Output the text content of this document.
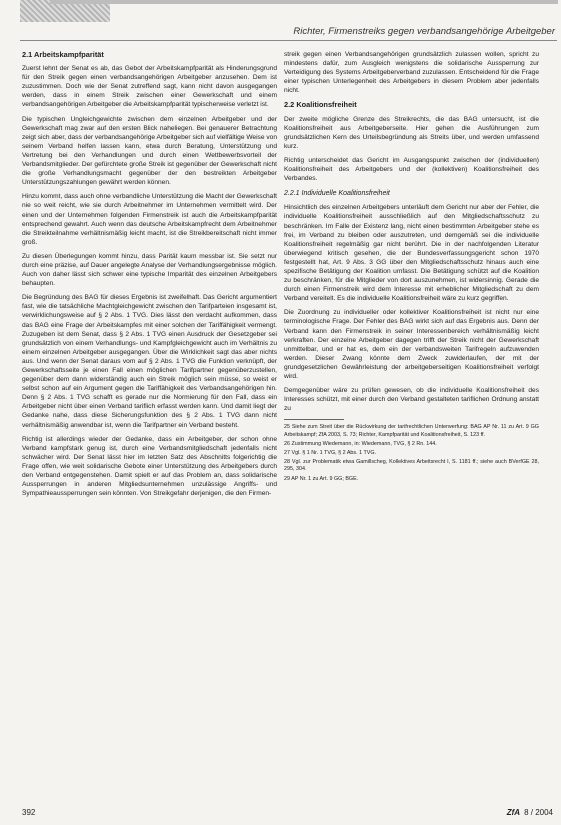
Richter, Firmenstreiks gegen verbandsangehörige Arbeitgeber
2.1 Arbeitskampfparität

Zuerst lehnt der Senat es ab, das Gebot der Arbeitskampfparität als Hinderungsgrund für den Streik gegen einen verbandsangehörigen Arbeitgeber anzusehen. Dem ist zuzustimmen. Doch wie der Senat zutreffend sagt, kann nicht davon ausgegangen werden, dass in einem Streik zwischen einer Gewerkschaft und einem verbandsangehörigen Arbeitgeber die Arbeitskampfparität typischerweise verletzt ist.

Die typischen Ungleichgewichte zwischen dem einzelnen Arbeitgeber und der Gewerkschaft mag zwar auf den ersten Blick naheliegen. Bei genauerer Betrachtung zeigt sich aber, dass der verbandsangehörige Arbeitgeber sich auf vielfältige Weise von seinem Verband helfen lassen kann, etwa durch Beratung, Unterstützung und Vertretung bei den Verhandlungen und durch einen Wettbewerbsvorteil der Verbandsmitglieder. Der gefürchtete große Streik ist gegenüber der Gewerkschaft nicht die große Verhandlungsmacht gegenüber der den bestreikten Arbeitgeber Unterstützungszahlungen gewährt werden können.

Hinzu kommt, dass auch ohne verbandliche Unterstützung die Macht der Gewerkschaft nie so weit reicht, wie sie durch Arbeitnehmer im Unternehmen vermittelt wird. Der einen und der Unternehmen folgenden Firmenstreik ist auch die Arbeitskampfparität entsprechend gewahrt. Auch wenn das deutsche Arbeitskampfrecht dem Arbeitnehmer die Streikteilnahme verhältnismäßig leicht macht, ist die Streikbereitschaft nicht immer groß.

Zu diesen Überlegungen kommt hinzu, dass Parität kaum messbar ist. Sie setzt nur durch eine präzise, auf Dauer angelegte Analyse der Verhandlungsergebnisse möglich. Auch von daher lässt sich schwer eine typische Imparität des einzelnen Arbeitgebers behaupten.

Die Begründung des BAG für dieses Ergebnis ist zweifelhaft. Das Gericht argumentiert fast, wie die tatsächliche Machtgleichgewicht zwischen den Tarifparteien insgesamt ist, verwirklichungsweise auf § 2 Abs. 1 TVG. Dies lässt den verdacht aufkommen, dass das BAG eine Frage der Arbeitskampfes mit einer solchen der Tariffähigkeit vermengt. Zuzugeben ist dem Senat, dass § 2 Abs. 1 TVG einen Ausdruck der Gesetzgeber sei grundsätzlich von einem Verhandlungs- und Kampfgleichgewicht auch im Verhältnis zu einem einzelnen Arbeitgeber ausgegangen. Über die Wirklichkeit sagt das aber nichts aus. Und wenn der Senat daraus vom auf § 2 Abs. 1 TVG die Funktion verknüpft, der Gewerkschaftsseite je einen Fall einen möglichen Tarifpartner gegenüberzustellen, gegenüber dem dann widerständig auch ein Streik möglich sein müsse, so weist er selbst schon auf ein Argument gegen die Tariffähigkeit des Verbandsangehörigen hin. Denn § 2 Abs. 1 TVG schafft es gerade nur die Normierung für den Fall, dass ein Arbeitgeber nicht über einen Verband tariflich erfasst werden kann. Und damit liegt der Gedanke nahe, dass diese Sicherungsfunktion des § 2 Abs. 1 TVG dann nicht verhältnismäßig anwendbar ist, wenn die Tarifpartner ein Verband besteht.

Richtig ist allerdings wieder der Gedanke, dass ein Arbeitgeber, der schon ohne Verband kampfstark genug ist, durch eine Verbandsmitgliedschaft jedenfalls nicht schwächer wird. Der Senat lässt hier im letzten Satz des Abschnitts folgerichtig die Frage offen, wie weit solidarische Gebote einer Unterstützung des Arbeitgebers durch den Verband entgegenstehen. Damit spielt er auf das Problem an, dass solidarische Aussperrungen in anderen Mitgliedsunternehmen unzulässige Angriffs- und Sympathieaussperrungen sein könnten. Von Streikgefahr derjenigen, die den Firmen-

streik gegen einen Verbandsangehörigen grundsätzlich zulassen wollen, spricht zu mindestens dafür, zum Ausgleich wenigstens die solidarische Aussperrung zur Verteidigung des Systems Arbeitgeberverband zuzulassen. Entscheidend für die Frage einer typischen Unterlegenheit des Arbeitgebers in diesem Problem aber jedenfalls nicht.

2.2 Koalitionsfreiheit

Der zweite mögliche Grenze des Streikrechts, die das BAG untersucht, ist die Koalitionsfreiheit aus Arbeitgeberseite. Hier gehen die Ausführungen zum grundsätzlichen Kern des Urteilsbegründung als Streits über, und werden umfassend kurz.

Richtig unterscheidet das Gericht im Ausgangspunkt zwischen der (individuellen) Koalitionsfreiheit des Arbeitgebers und der (kollektiven) Koalitionsfreiheit des Verbandes.

2.2.1 Individuelle Koalitionsfreiheit

Hinsichtlich des einzelnen Arbeitgebers unterläuft dem Gericht nur aber der Fehler, die individuelle Koalitionsfreiheit ausschließlich auf den Mitgliedschaftsschutz zu beschränken. Im Falle der Existenz lang, nicht einen bestimmten Arbeitgeber stehe es frei, im Verband zu bleiben oder auszutreten, und demgemäß sei die individuelle Koalitionsfreiheit regelmäßig gar nicht berührt. Die in der nachfolgenden Literatur überwiegend kritisch gesehen, die der Bundesverfassungsgericht schon 1970 festgestellt hat, Art. 9 Abs. 3 GG über den Mitgliedschaftsschutz hinaus auch eine spezifische Betätigung der Koalition umfasst. Die Betätigung schützt auf die Koalition zu beschränken, für die Mitglieder von dort auszunehmen, ist widersinnig. Gerade die durch einen Firmenstreik wird dem Interesse mit erheblicher Mitgliedschaft zu dem Verband vereitelt. Es die individuelle Koalitionsfreiheit wäre zu kurz gegriffen.

Die Zuordnung zu individueller oder kollektiver Koalitionsfreiheit ist nicht nur eine terminologische Frage. Der Fehler des BAG wirkt sich auf das Ergebnis aus. Denn der Verband kann den Firmenstreik in seiner Interessenbereich verhältnismäßig leicht verkraften. Der einzelne Arbeitgeber dagegen trifft der Streik nicht der Gewerkschaft unmittelbar, und er hat es, dem ein der verbandsweiten Tarifregeln aufzuwenden werden. Dieser Zwang könnte dem Zweck zuwiderlaufen, der mit der grundgesetzlichen Gewährleistung der arbeitgeberseitigen Koalitionsfreiheit verfolgt wird.

Demgegenüber wäre zu prüfen gewesen, ob die individuelle Koalitionsfreiheit des Interesses schützt, mit einer durch den Verband gestalteten tariflichen Ordnung anstatt zu

25 Siehe zum Streit über die Rückwirkung der tarifrechtlichen Unterwerfung: BAG AP Nr. 11 zu Art. 9 GG Arbeitskampf; ZfA 2003, S. 73; Richter, Kampfparität und Koalitionsfreiheit, S. 123 ff.

26 Zustimmung Wiedemann, in: Wiedemann, TVG, § 2 Rn. 144.

27 Vgl. § 1 Nr. 1 TVG, § 2 Abs. 1 TVG.

28 Vgl. zur Problematik etwa Gamillscheg, Kollektives Arbeitsrecht I, S. 1181 ff.; siehe auch BVerfGE 28, 295, 304.

29 AP Nr. 1 zu Art. 9 GG; BGE.

392	ZfA 8 / 2004
